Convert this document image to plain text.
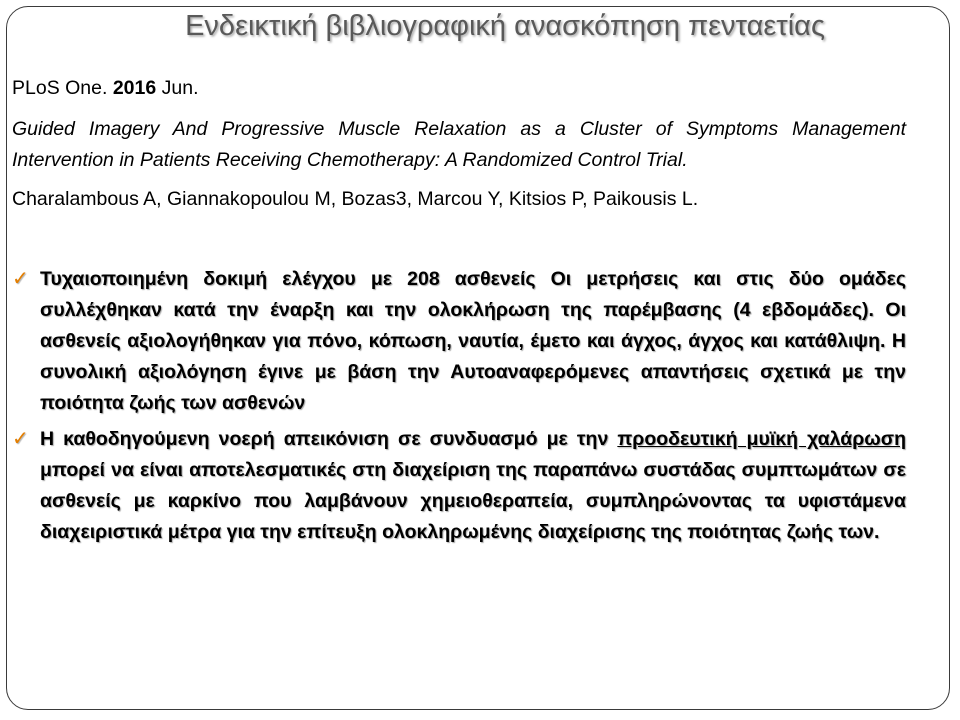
Ενδεικτική βιβλιογραφική ανασκόπηση πενταετίας

PLoS One. 2016 Jun.

Guided Imagery And Progressive Muscle Relaxation as a Cluster of Symptoms Management Intervention in Patients Receiving Chemotherapy: A Randomized Control Trial.

Charalambous A, Giannakopoulou M, Bozas3, Marcou Y, Kitsios P, Paikousis L.

✓ Τυχαιοποιημένη δοκιμή ελέγχου με 208 ασθενείς Οι μετρήσεις και στις δύο ομάδες συλλέχθηκαν κατά την έναρξη και την ολοκλήρωση της παρέμβασης (4 εβδομάδες). Οι ασθενείς αξιολογήθηκαν για πόνο, κόπωση, ναυτία, έμετο και άγχος, άγχος και κατάθλιψη. Η συνολική αξιολόγηση έγινε με βάση την Αυτοαναφερόμενες απαντήσεις σχετικά με την ποιότητα ζωής των ασθενών
✓ Η καθοδηγούμενη νοερή απεικόνιση σε συνδυασμό με την προοδευτική μυϊκή χαλάρωση μπορεί να είναι αποτελεσματικές στη διαχείριση της παραπάνω συστάδας συμπτωμάτων σε ασθενείς με καρκίνο που λαμβάνουν χημειοθεραπεία, συμπληρώνοντας τα υφιστάμενα διαχειριστικά μέτρα για την επίτευξη ολοκληρωμένης διαχείρισης της ποιότητας ζωής των.
